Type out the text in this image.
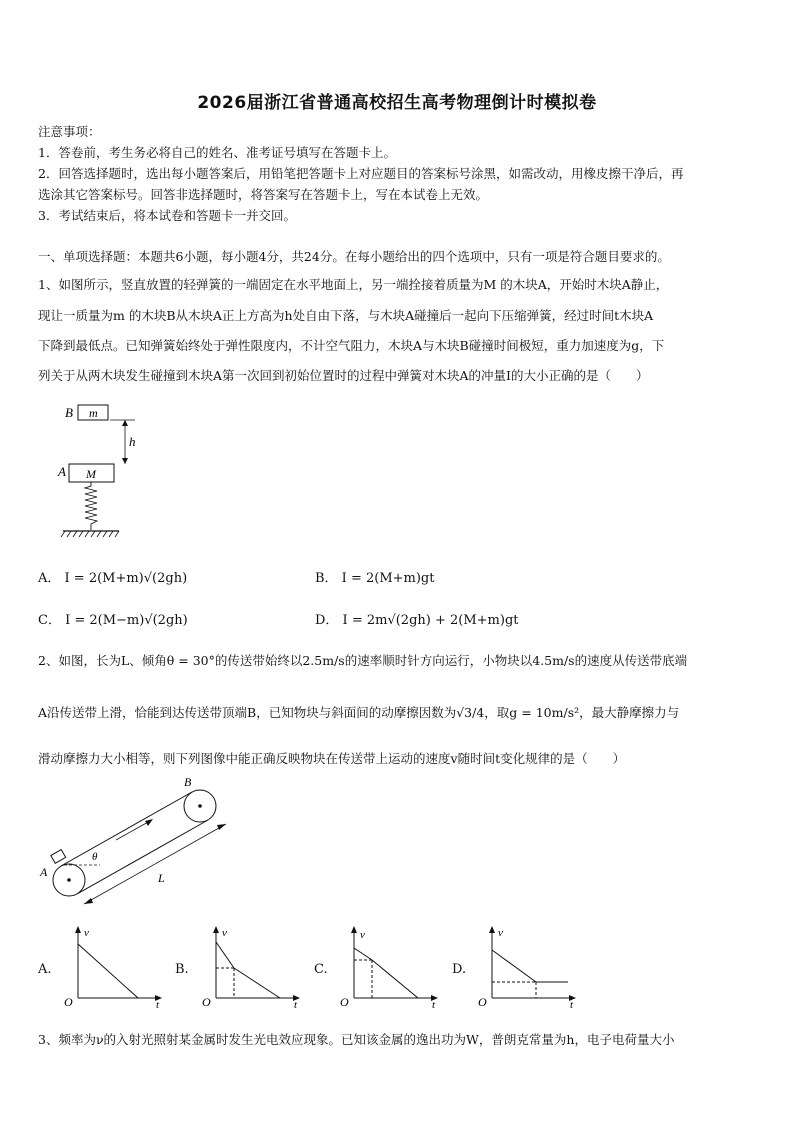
2026届浙江省普通高校招生高考物理倒计时模拟卷
注意事项：
1．答卷前，考生务必将自己的姓名、准考证号填写在答题卡上。
2．回答选择题时，选出每小题答案后，用铅笔把答题卡上对应题目的答案标号涂黑，如需改动，用橡皮擦干净后，再
选涂其它答案标号。回答非选择题时，将答案写在答题卡上，写在本试卷上无效。
3．考试结束后，将本试卷和答题卡一并交回。
一、单项选择题：本题共6小题，每小题4分，共24分。在每小题给出的四个选项中，只有一项是符合题目要求的。
1、如图所示，竖直放置的轻弹簧的一端固定在水平地面上，另一端拴接着质量为M 的木块A，开始时木块A静止，
现让一质量为m 的木块B从木块A正上方高为h处自由下落，与木块A碰撞后一起向下压缩弹簧，经过时间t木块A
下降到最低点。已知弹簧始终处于弹性限度内，不计空气阻力，木块A与木块B碰撞时间极短，重力加速度为g，下
列关于从两木块发生碰撞到木块A第一次回到初始位置时的过程中弹簧对木块A的冲量I的大小正确的是（　　）
B m
h
A M
A． I = 2(M+m)√(2gh)	B． I = 2(M+m)gt
C． I = 2(M−m)√(2gh)	D． I = 2m√(2gh) + 2(M+m)gt
2、如图，长为L、倾角θ = 30°的传送带始终以2.5m/s的速率顺时针方向运行，小物块以4.5m/s的速度从传送带底端
A沿传送带上滑，恰能到达传送带顶端B，已知物块与斜面间的动摩擦因数为√3/4，取g = 10m/s²，最大静摩擦力与
滑动摩擦力大小相等，则下列图像中能正确反映物块在传送带上运动的速度v随时间t变化规律的是（　　）
B
θ
A	L
A.
v
O	t
B.
v
O	t
C.
v
O	t
D.
v
O	t
3、频率为ν的入射光照射某金属时发生光电效应现象。已知该金属的逸出功为W，普朗克常量为h，电子电荷量大小
